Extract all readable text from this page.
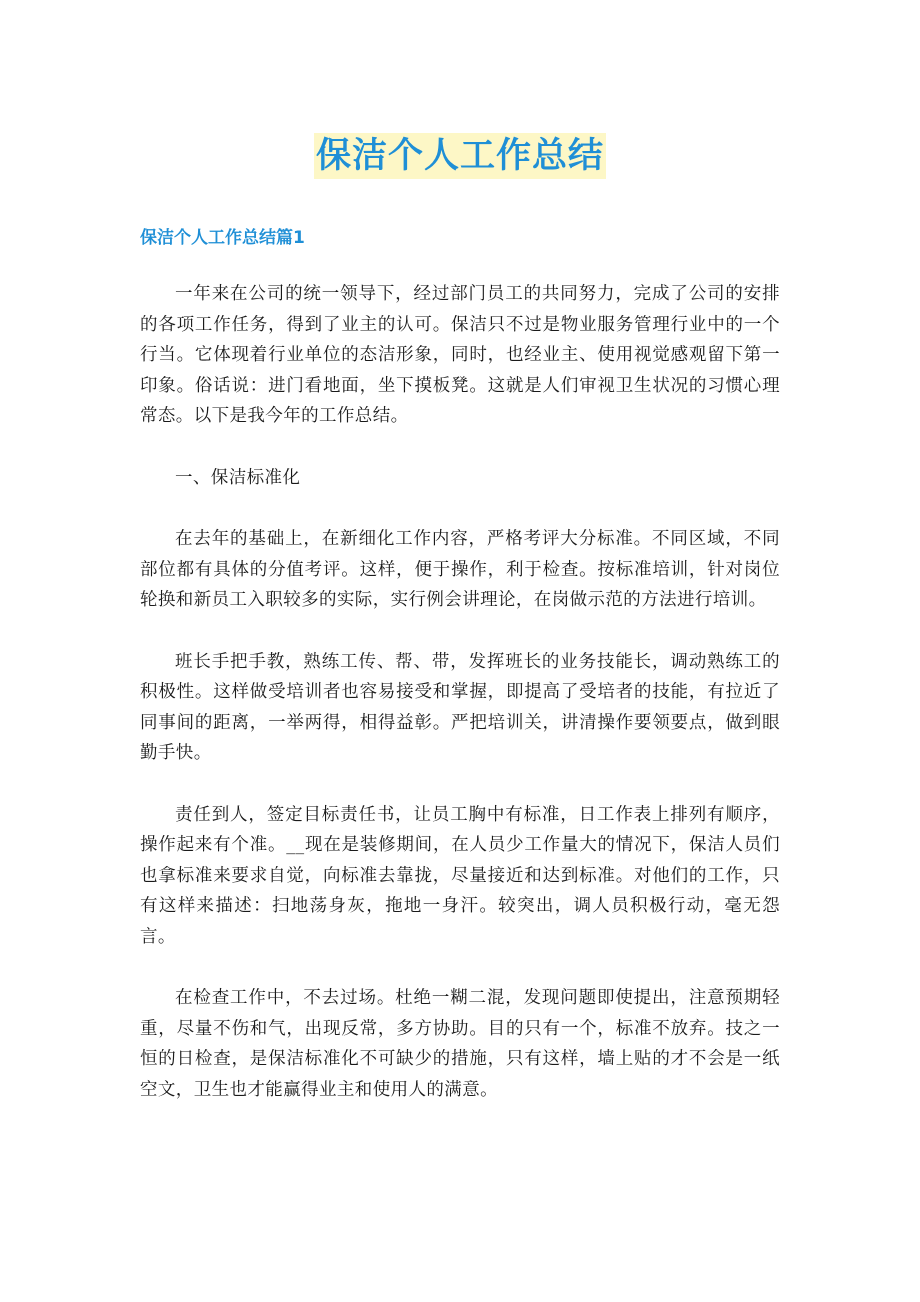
保洁个人工作总结
保洁个人工作总结篇1

一年来在公司的统一领导下，经过部门员工的共同努力，完成了公司的安排的各项工作任务，得到了业主的认可。保洁只不过是物业服务管理行业中的一个行当。它体现着行业单位的态洁形象，同时，也经业主、使用视觉感观留下第一印象。俗话说：进门看地面，坐下摸板凳。这就是人们审视卫生状况的习惯心理常态。以下是我今年的工作总结。

一、保洁标准化

在去年的基础上，在新细化工作内容，严格考评大分标准。不同区域，不同部位都有具体的分值考评。这样，便于操作，利于检查。按标准培训，针对岗位轮换和新员工入职较多的实际，实行例会讲理论，在岗做示范的方法进行培训。

班长手把手教，熟练工传、帮、带，发挥班长的业务技能长，调动熟练工的积极性。这样做受培训者也容易接受和掌握，即提高了受培者的技能，有拉近了同事间的距离，一举两得，相得益彰。严把培训关，讲清操作要领要点，做到眼勤手快。

责任到人，签定目标责任书，让员工胸中有标准，日工作表上排列有顺序，操作起来有个准。__现在是装修期间，在人员少工作量大的情况下，保洁人员们也拿标准来要求自觉，向标准去靠拢，尽量接近和达到标准。对他们的工作，只有这样来描述：扫地荡身灰，拖地一身汗。较突出，调人员积极行动，毫无怨言。

在检查工作中，不去过场。杜绝一糊二混，发现问题即使提出，注意预期轻重，尽量不伤和气，出现反常，多方协助。目的只有一个，标准不放弃。技之一恒的日检查，是保洁标准化不可缺少的措施，只有这样，墙上贴的才不会是一纸空文，卫生也才能赢得业主和使用人的满意。
